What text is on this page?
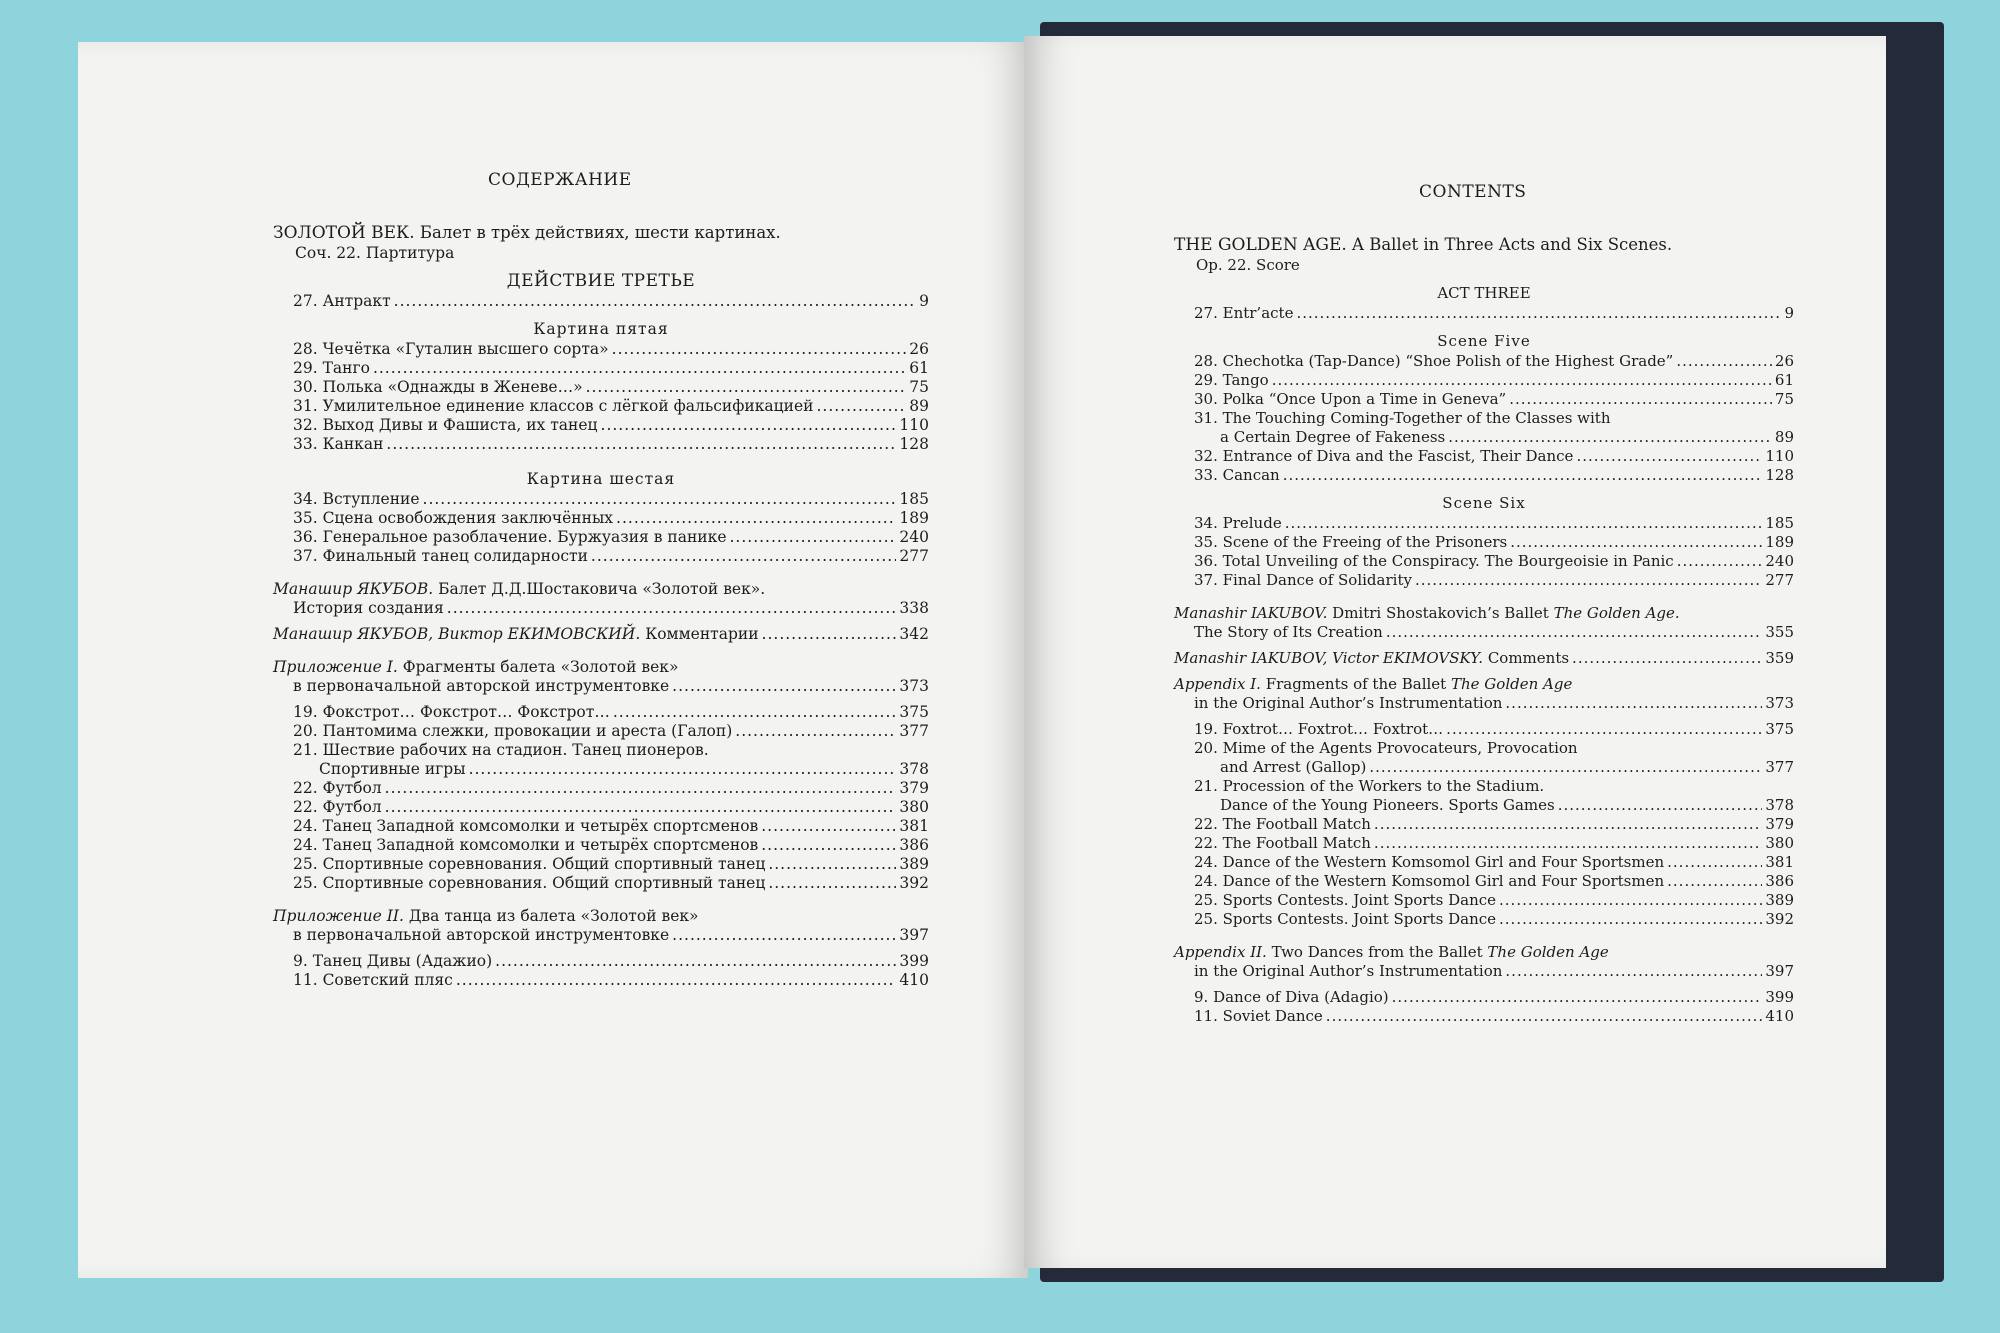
СОДЕРЖАНИЕ
ЗОЛОТОЙ ВЕК. Балет в трёх действиях, шести картинах.
Соч. 22. Партитура
ДЕЙСТВИЕ ТРЕТЬЕ
27. Антракт .....	9
Картина пятая
28. Чечётка «Гуталин высшего сорта» .....	26
29. Танго .....	61
30. Полька «Однажды в Женеве…» .....	75
31. Умилительное единение классов с лёгкой фальсификацией .....	89
32. Выход Дивы и Фашиста, их танец .....	110
33. Канкан .....	128
Картина шестая
34. Вступление .....	185
35. Сцена освобождения заключённых .....	189
36. Генеральное разоблачение. Буржуазия в панике .....	240
37. Финальный танец солидарности .....	277
Манашир ЯКУБОВ. Балет Д.Д.Шостаковича «Золотой век».
История создания .....	338
Манашир ЯКУБОВ, Виктор ЕКИМОВСКИЙ. Комментарии .....	342
Приложение I. Фрагменты балета «Золотой век»
в первоначальной авторской инструментовке .....	373
19. Фокстрот… Фокстрот… Фокстрот… .....	375
20. Пантомима слежки, провокации и ареста (Галоп) .....	377
21. Шествие рабочих на стадион. Танец пионеров.
Спортивные игры .....	378
22. Футбол .....	379
22. Футбол .....	380
24. Танец Западной комсомолки и четырёх спортсменов .....	381
24. Танец Западной комсомолки и четырёх спортсменов .....	386
25. Спортивные соревнования. Общий спортивный танец .....	389
25. Спортивные соревнования. Общий спортивный танец .....	392
Приложение II. Два танца из балета «Золотой век»
в первоначальной авторской инструментовке .....	397
9. Танец Дивы (Адажио) .....	399
11. Советский пляс .....	410
CONTENTS
THE GOLDEN AGE. A Ballet in Three Acts and Six Scenes.
Op. 22. Score
ACT THREE
27. Entr’acte .....	9
Scene Five
28. Chechotka (Tap-Dance) “Shoe Polish of the Highest Grade” .....	26
29. Tango .....	61
30. Polka “Once Upon a Time in Geneva” .....	75
31. The Touching Coming-Together of the Classes with
a Certain Degree of Fakeness .....	89
32. Entrance of Diva and the Fascist, Their Dance .....	110
33. Cancan .....	128
Scene Six
34. Prelude .....	185
35. Scene of the Freeing of the Prisoners .....	189
36. Total Unveiling of the Conspiracy. The Bourgeoisie in Panic .....	240
37. Final Dance of Solidarity .....	277
Manashir IAKUBOV. Dmitri Shostakovich’s Ballet The Golden Age.
The Story of Its Creation .....	355
Manashir IAKUBOV, Victor EKIMOVSKY. Comments .....	359
Appendix I. Fragments of the Ballet The Golden Age
in the Original Author’s Instrumentation .....	373
19. Foxtrot… Foxtrot… Foxtrot… .....	375
20. Mime of the Agents Provocateurs, Provocation
and Arrest (Gallop) .....	377
21. Procession of the Workers to the Stadium.
Dance of the Young Pioneers. Sports Games .....	378
22. The Football Match .....	379
22. The Football Match .....	380
24. Dance of the Western Komsomol Girl and Four Sportsmen .....	381
24. Dance of the Western Komsomol Girl and Four Sportsmen .....	386
25. Sports Contests. Joint Sports Dance .....	389
25. Sports Contests. Joint Sports Dance .....	392
Appendix II. Two Dances from the Ballet The Golden Age
in the Original Author’s Instrumentation .....	397
9. Dance of Diva (Adagio) .....	399
11. Soviet Dance .....	410
